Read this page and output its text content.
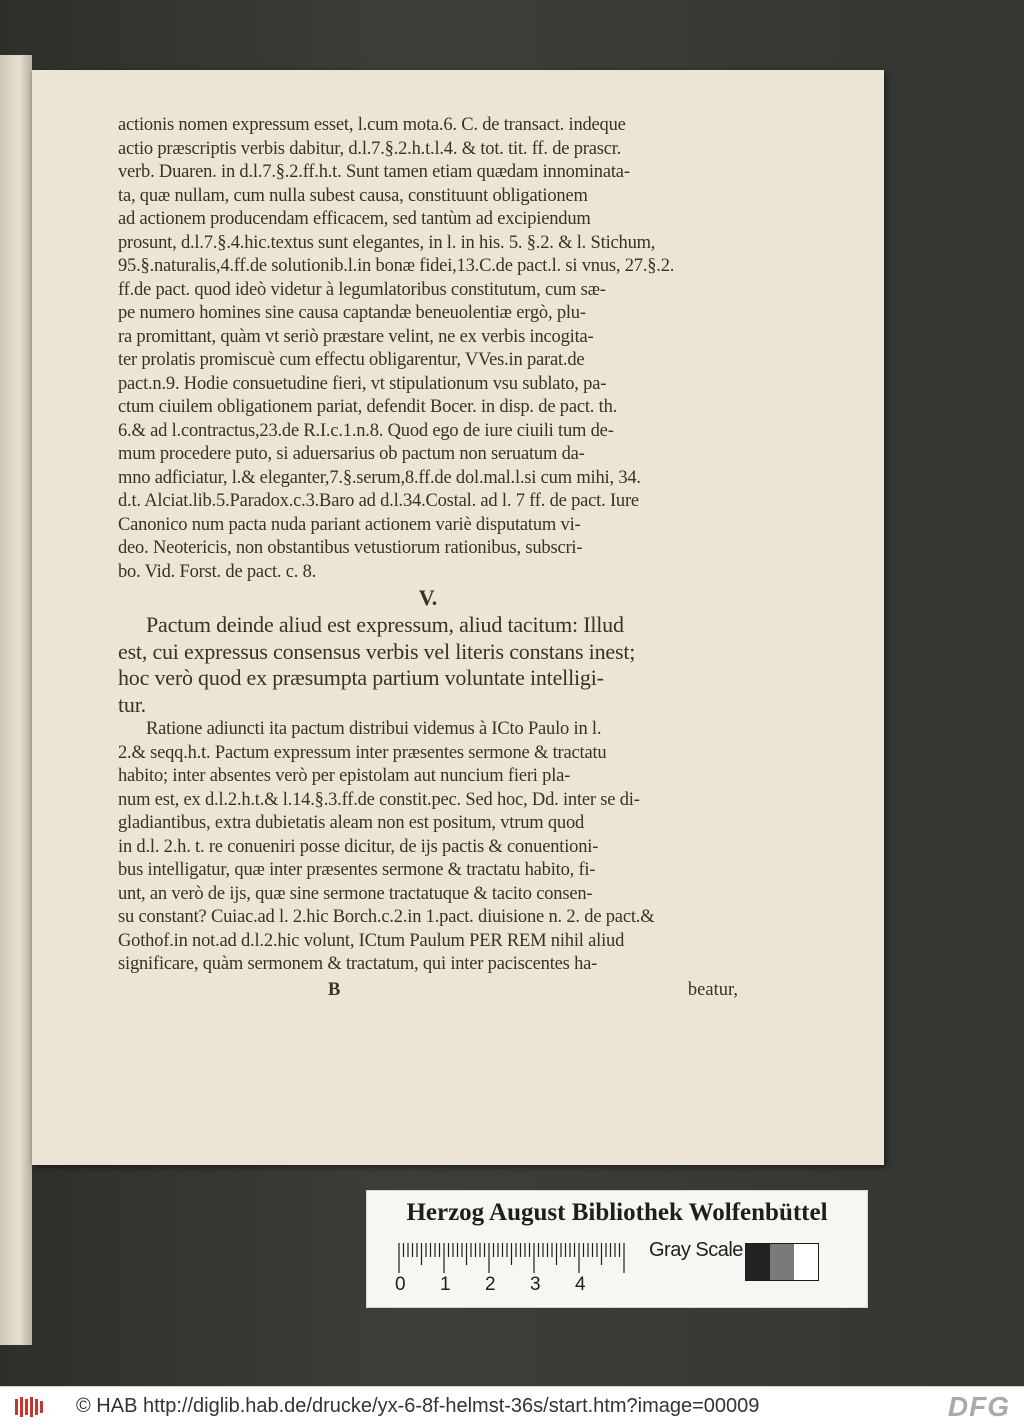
actionis nomen expressum esset, l.cum mota.6. C. de transact. indeque
actio præscriptis verbis dabitur, d.l.7.§.2.h.t.l.4. & tot. tit. ff. de prascr.
verb. Duaren. in d.l.7.§.2.ff.h.t. Sunt tamen etiam quædam innominata-
ta, quæ nullam, cum nulla subest causa, constituunt obligationem
ad actionem producendam efficacem, sed tantùm ad excipiendum
prosunt, d.l.7.§.4.hic.textus sunt elegantes, in l. in his. 5. §.2. & l. Stichum,
95.§.naturalis,4.ff.de solutionib.l.in bonæ fidei,13.C.de pact.l. si vnus, 27.§.2.
ff.de pact. quod ideò videtur à legumlatoribus constitutum, cum sæ-
pe numero homines sine causa captandæ beneuolentiæ ergò, plu-
ra promittant, quàm vt seriò præstare velint, ne ex verbis incogita-
ter prolatis promiscuè cum effectu obligarentur, VVes.in parat.de
pact.n.9. Hodie consuetudine fieri, vt stipulationum vsu sublato, pa-
ctum ciuilem obligationem pariat, defendit Bocer. in disp. de pact. th.
6.& ad l.contractus,23.de R.I.c.1.n.8. Quod ego de iure ciuili tum de-
mum procedere puto, si aduersarius ob pactum non seruatum da-
mno adficiatur, l.& eleganter,7.§.serum,8.ff.de dol.mal.l.si cum mihi, 34.
d.t. Alciat.lib.5.Paradox.c.3.Baro ad d.l.34.Costal. ad l. 7 ff. de pact. Iure
Canonico num pacta nuda pariant actionem variè disputatum vi-
deo. Neotericis, non obstantibus vetustiorum rationibus, subscri-
bo. Vid. Forst. de pact. c. 8.
V.
Pactum deinde aliud est expressum, aliud tacitum: Illud
est, cui expressus consensus verbis vel literis constans inest;
hoc verò quod ex præsumpta partium voluntate intelligi-
tur.
Ratione adiuncti ita pactum distribui videmus à ICto Paulo in l.
2.& seqq.h.t. Pactum expressum inter præsentes sermone & tractatu
habito; inter absentes verò per epistolam aut nuncium fieri pla-
num est, ex d.l.2.h.t.& l.14.§.3.ff.de constit.pec. Sed hoc, Dd. inter se di-
gladiantibus, extra dubietatis aleam non est positum, vtrum quod
in d.l. 2.h. t. re conueniri posse dicitur, de ijs pactis & conuentioni-
bus intelligatur, quæ inter præsentes sermone & tractatu habito, fi-
unt, an verò de ijs, quæ sine sermone tractatuque & tacito consen-
su constant? Cuiac.ad l. 2.hic Borch.c.2.in 1.pact. diuisione n. 2. de pact.&
Gothof.in not.ad d.l.2.hic volunt, ICtum Paulum PER REM nihil aliud
significare, quàm sermonem & tractatum, qui inter paciscentes ha-
B	beatur,
Herzog August Bibliothek Wolfenbüttel
0 1 2 3 4
Gray Scale
© HAB http://diglib.hab.de/drucke/yx-6-8f-helmst-36s/start.htm?image=00009	DFG
